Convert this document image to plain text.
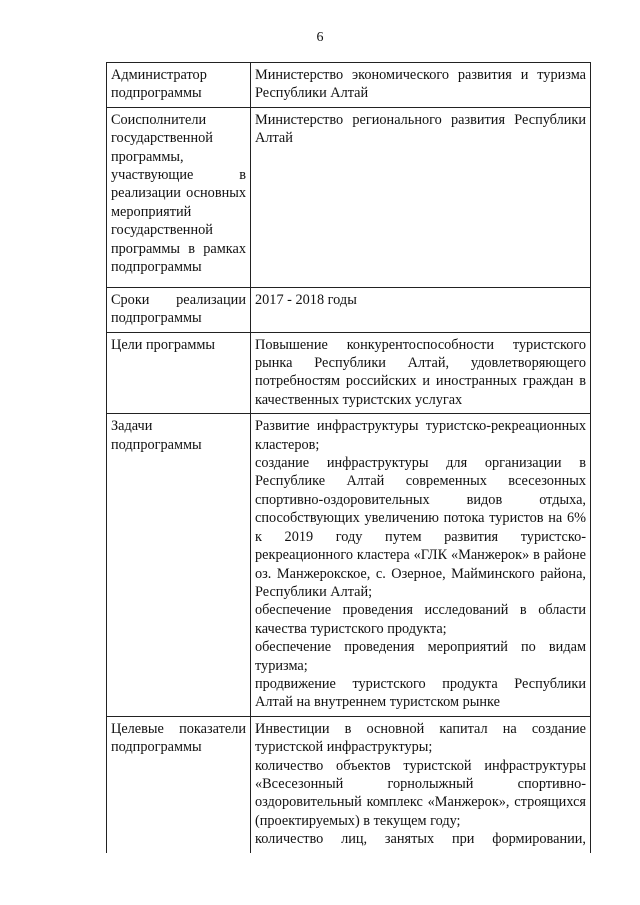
6
Администратор подпрограммы	Министерство экономического развития и туризма Республики Алтай

Соисполнители государственной программы, участвующие в реализации основных мероприятий государственной программы в рамках подпрограммы	Министерство регионального развития Республики Алтай

Сроки реализации подпрограммы	2017 - 2018 годы

Цели программы	Повышение конкурентоспособности туристского рынка Республики Алтай, удовлетворяющего потребностям российских и иностранных граждан в качественных туристских услугах

Задачи подпрограммы	Развитие инфраструктуры туристско-рекреационных кластеров;
создание инфраструктуры для организации в Республике Алтай современных всесезонных спортивно-оздоровительных видов отдыха, способствующих увеличению потока туристов на 6% к 2019 году путем развития туристско-рекреационного кластера «ГЛК «Манжерок» в районе оз. Манжерокское, с. Озерное, Майминского района, Республики Алтай;
обеспечение проведения исследований в области качества туристского продукта;
обеспечение проведения мероприятий по видам туризма;
продвижение туристского продукта Республики Алтай на внутреннем туристском рынке

Целевые показатели подпрограммы	Инвестиции в основной капитал на создание туристской инфраструктуры;
количество объектов туристской инфраструктуры «Всесезонный горнолыжный спортивно-оздоровительный комплекс «Манжерок», строящихся (проектируемых) в текущем году;
количество лиц, занятых при формировании,
